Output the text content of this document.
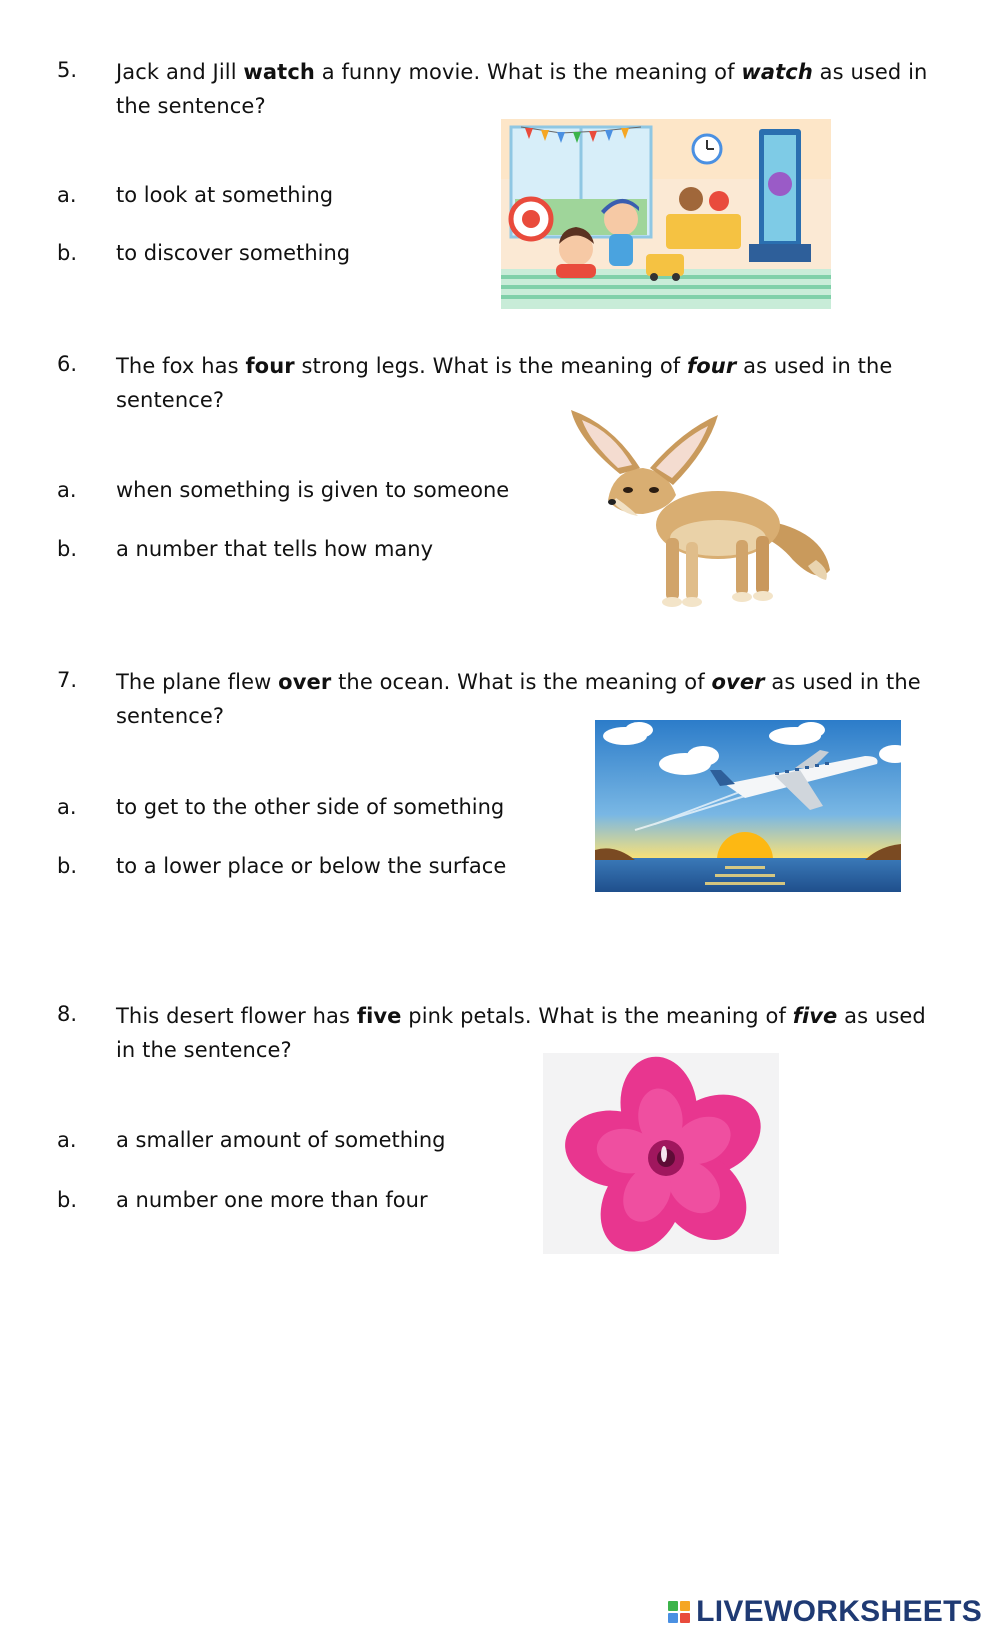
5. Jack and Jill watch a funny movie. What is the meaning of watch as used in the sentence?
a. to look at something
b. to discover something
6. The fox has four strong legs. What is the meaning of four as used in the sentence?
a. when something is given to someone
b. a number that tells how many
7. The plane flew over the ocean. What is the meaning of over as used in the sentence?
a. to get to the other side of something
b. to a lower place or below the surface
8. This desert flower has five pink petals. What is the meaning of five as used in the sentence?
a. a smaller amount of something
b. a number one more than four
LIVEWORKSHEETS
